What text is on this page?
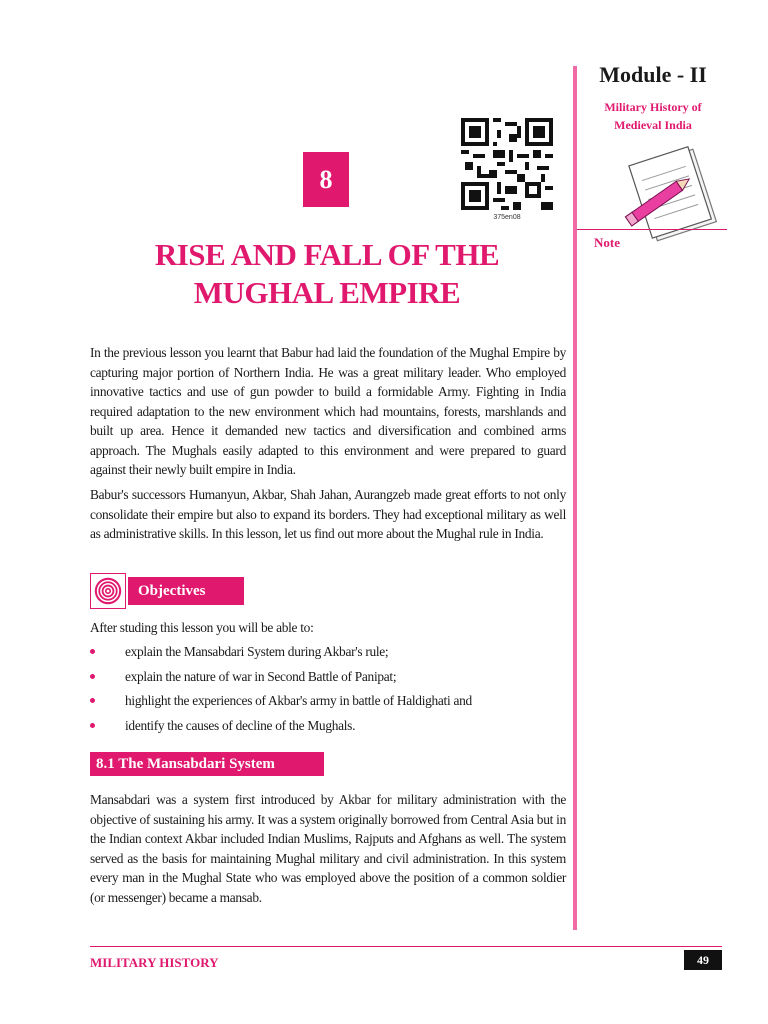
Module - II
Military History of
Medieval India
Note
375en08
8
RISE AND FALL OF THE
MUGHAL EMPIRE

In the previous lesson you learnt that Babur had laid the foundation of the Mughal Empire by capturing major portion of Northern India. He was a great military leader. Who employed innovative tactics and use of gun powder to build a formidable Army. Fighting in India required adaptation to the new environment which had mountains, forests, marshlands and built up area. Hence it demanded new tactics and diversification and combined arms approach. The Mughals easily adapted to this environment and were prepared to guard against their newly built empire in India.

Babur's successors Humanyun, Akbar, Shah Jahan, Aurangzeb made great efforts to not only consolidate their empire but also to expand its borders. They had exceptional military as well as administrative skills. In this lesson, let us find out more about the Mughal rule in India.

Objectives

After studing this lesson you will be able to:

explain the Mansabdari System during Akbar's rule;
explain the nature of war in Second Battle of Panipat;
highlight the experiences of Akbar's army in battle of Haldighati and
identify the causes of decline of the Mughals.
8.1 The Mansabdari System

Mansabdari was a system first introduced by Akbar for military administration with the objective of sustaining his army. It was a system originally borrowed from Central Asia but in the Indian context Akbar included Indian Muslims, Rajputs and Afghans as well. The system served as the basis for maintaining Mughal military and civil administration. In this system every man in the Mughal State who was employed above the position of a common soldier (or messenger) became a mansab.

MILITARY HISTORY	49
